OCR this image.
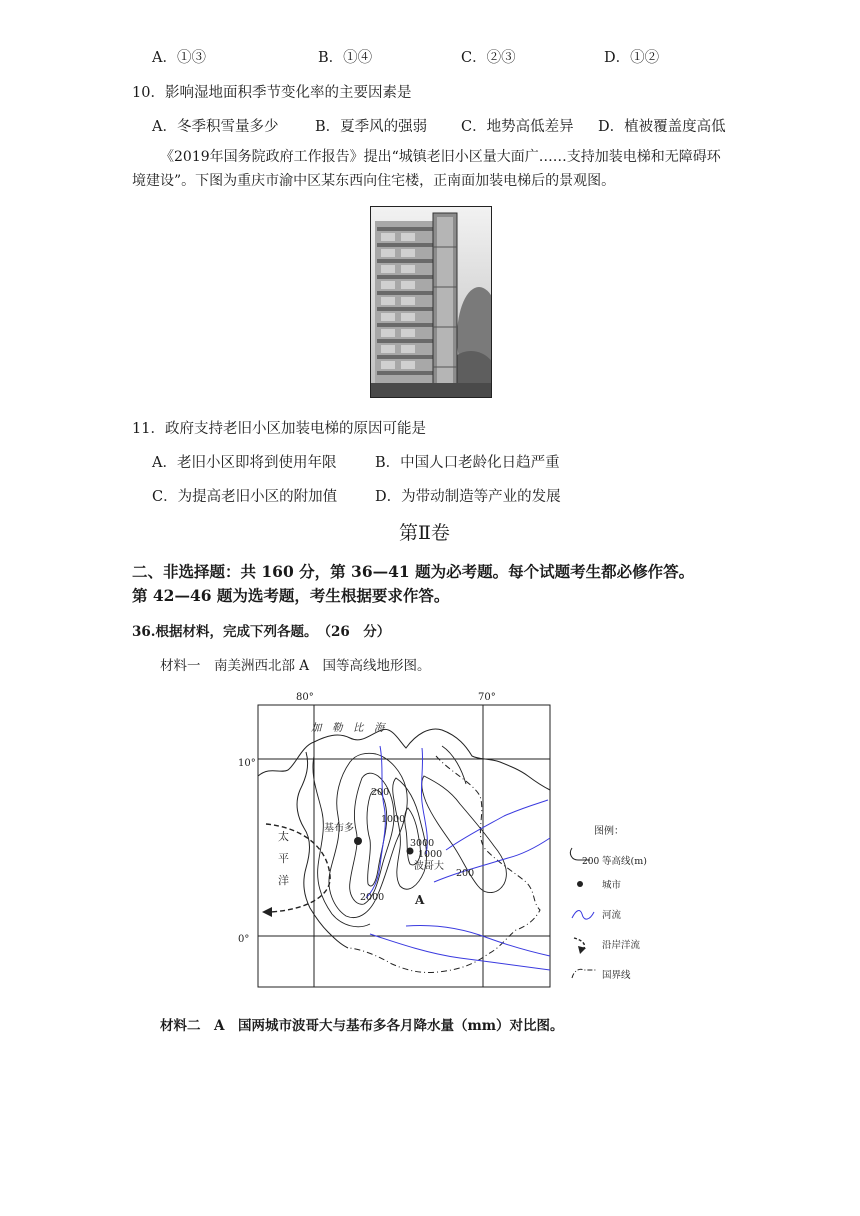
A．①③	B．①④	C．②③	D．①②
10．影响湿地面积季节变化率的主要因素是
A．冬季积雪量多少	B．夏季风的强弱 C．地势高低差异 D．植被覆盖度高低
《2019年国务院政府工作报告》提出“城镇老旧小区量大面广……支持加装电梯和无障碍环境建设”。下图为重庆市渝中区某东西向住宅楼，正南面加装电梯后的景观图。
11．政府支持老旧小区加装电梯的原因可能是
A．老旧小区即将到使用年限	B．中国人口老龄化日趋严重
C．为提高老旧小区的附加值	D．为带动制造等产业的发展
第Ⅱ卷
二、非选择题：共 160 分，第 36—41 题为必考题。每个试题考生都必修作答。
第 42—46 题为选考题，考生根据要求作答。
36.根据材料，完成下列各题。　（26　分）
材料一　南美洲西北部 A　国等高线地形图。
80°	70°
10°
0°
加　勒　比　海
太
平
洋
基布多
波哥大
A
200
1000
3000
1000
200
2000
图例：
200 等高线(m)
城市
河流
沿岸洋流
国界线
材料二　A　国两城市波哥大与基布多各月降水量（mm）对比图。
